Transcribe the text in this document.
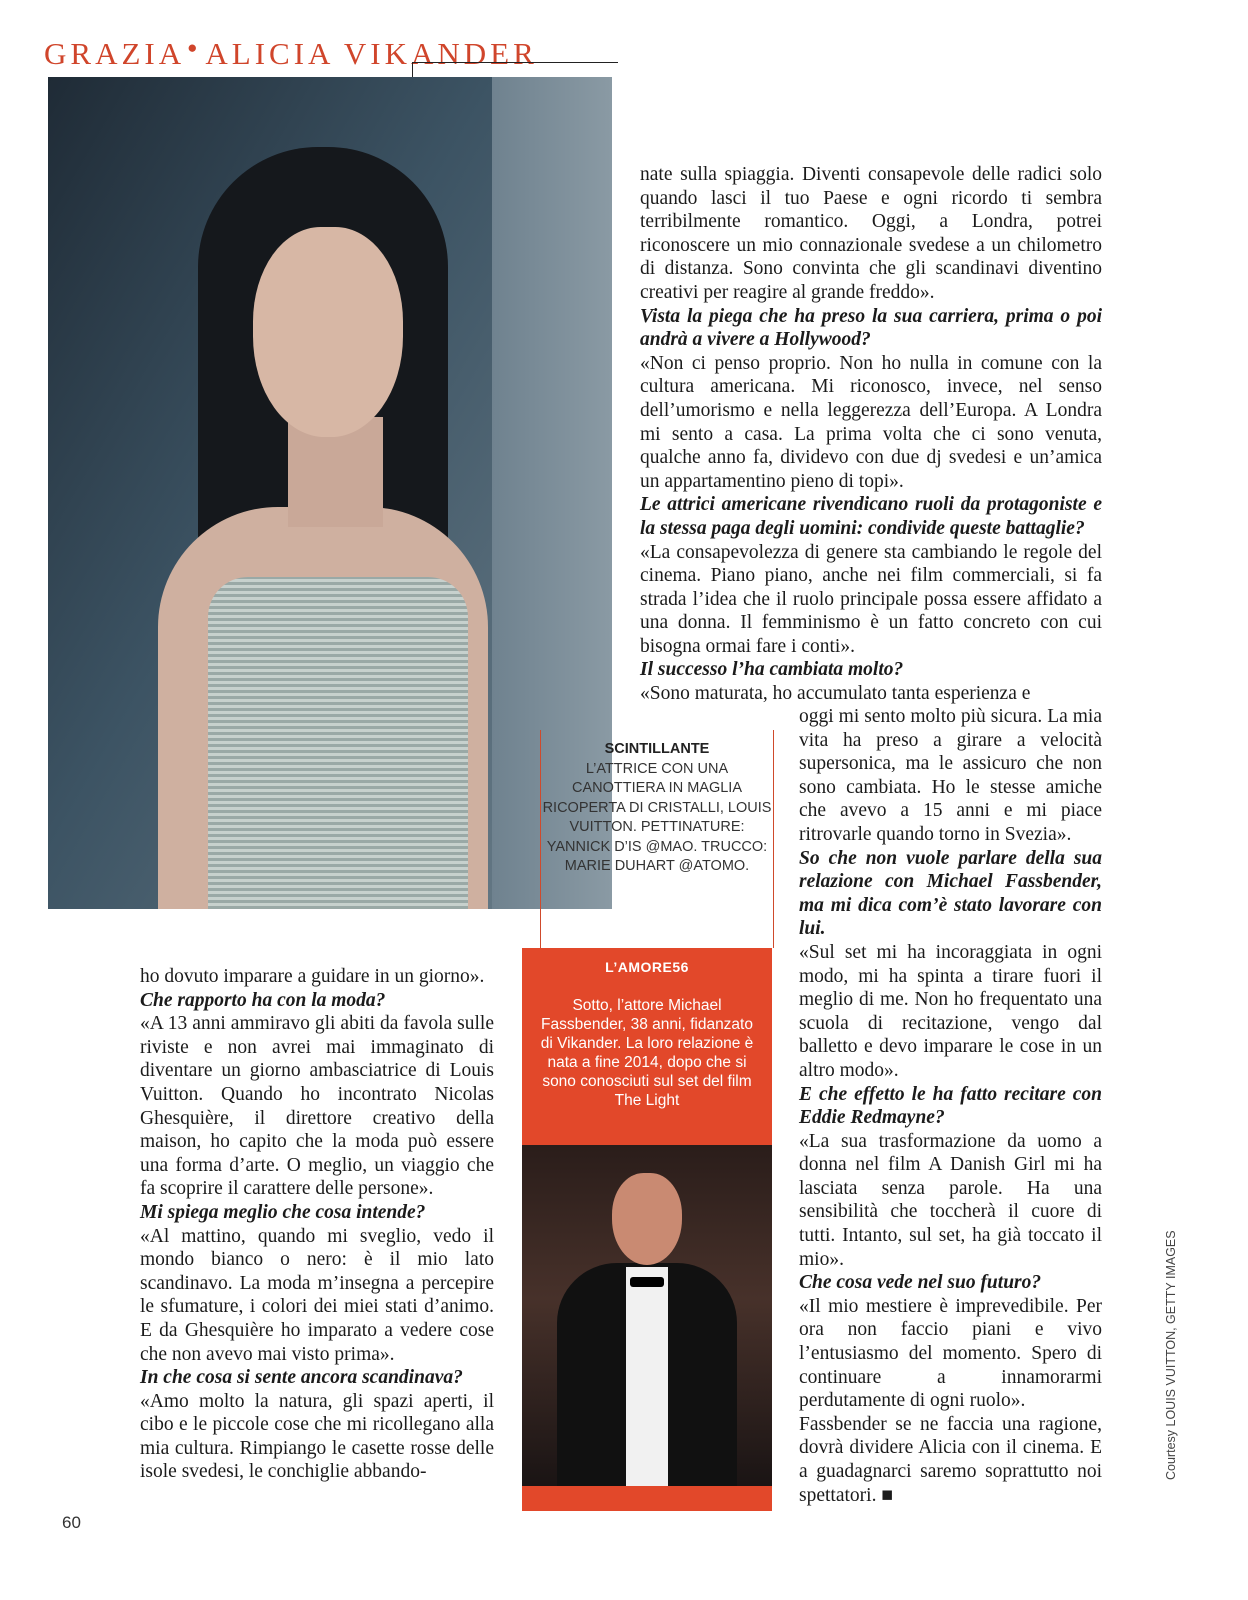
GRAZIA ● ALICIA VIKANDER

nate sulla spiaggia. Diventi consapevole delle radici solo quando lasci il tuo Paese e ogni ricordo ti sembra terribilmente romantico. Oggi, a Londra, potrei riconoscere un mio connazionale svedese a un chilometro di distanza. Sono convinta che gli scandinavi diventino creativi per reagire al grande freddo».

Vista la piega che ha preso la sua carriera, prima o poi andrà a vivere a Hollywood?

«Non ci penso proprio. Non ho nulla in comune con la cultura americana. Mi riconosco, invece, nel senso dell’umorismo e nella leggerezza dell’Europa. A Londra mi sento a casa. La prima volta che ci sono venuta, qualche anno fa, dividevo con due dj svedesi e un’amica un appartamentino pieno di topi».

Le attrici americane rivendicano ruoli da protagoniste e la stessa paga degli uomini: condivide queste battaglie?

«La consapevolezza di genere sta cambiando le regole del cinema. Piano piano, anche nei film commerciali, si fa strada l’idea che il ruolo principale possa essere affidato a una donna. Il femminismo è un fatto concreto con cui bisogna ormai fare i conti».

Il successo l’ha cambiata molto?

«Sono maturata, ho accumulato tanta esperienza e

oggi mi sento molto più sicura. La mia vita ha preso a girare a velocità supersonica, ma le assicuro che non sono cambiata. Ho le stesse amiche che avevo a 15 anni e mi piace ritrovarle quando torno in Svezia».

So che non vuole parlare della sua relazione con Michael Fassbender, ma mi dica com’è stato lavorare con lui.

«Sul set mi ha incoraggiata in ogni modo, mi ha spinta a tirare fuori il meglio di me. Non ho frequentato una scuola di recitazione, vengo dal balletto e devo imparare le cose in un altro modo».

E che effetto le ha fatto recitare con Eddie Redmayne?

«La sua trasformazione da uomo a donna nel film A Danish Girl mi ha lasciata senza parole. Ha una sensibilità che toccherà il cuore di tutti. Intanto, sul set, ha già toccato il mio».

Che cosa vede nel suo futuro?

«Il mio mestiere è imprevedibile. Per ora non faccio piani e vivo l’entusiasmo del momento. Spero di continuare a innamorarmi perdutamente di ogni ruolo».

Fassbender se ne faccia una ragione, dovrà dividere Alicia con il cinema. E a guadagnarci saremo soprattutto noi spettatori. ■

ho dovuto imparare a guidare in un giorno».

Che rapporto ha con la moda?

«A 13 anni ammiravo gli abiti da favola sulle riviste e non avrei mai immaginato di diventare un giorno ambasciatrice di Louis Vuitton. Quando ho incontrato Nicolas Ghesquière, il direttore creativo della maison, ho capito che la moda può essere una forma d’arte. O meglio, un viaggio che fa scoprire il carattere delle persone».

Mi spiega meglio che cosa intende?

«Al mattino, quando mi sveglio, vedo il mondo bianco o nero: è il mio lato scandinavo. La moda m’insegna a percepire le sfumature, i colori dei miei stati d’animo. E da Ghesquière ho imparato a vedere cose che non avevo mai visto prima».

In che cosa si sente ancora scandinava?

«Amo molto la natura, gli spazi aperti, il cibo e le piccole cose che mi ricollegano alla mia cultura. Rimpiango le casette rosse delle isole svedesi, le conchiglie abbando-

SCINTILLANTE
L’ATTRICE CON UNA CANOTTIERA IN MAGLIA RICOPERTA DI CRISTALLI, LOUIS VUITTON. PETTINATURE: YANNICK D’IS @MAO. TRUCCO: MARIE DUHART @ATOMO.
L’AMORE56
Sotto, l’attore Michael Fassbender, 38 anni, fidanzato di Vikander. La loro relazione è nata a fine 2014, dopo che si sono conosciuti sul set del film The Light
Courtesy LOUIS VUITTON, GETTY IMAGES
60
